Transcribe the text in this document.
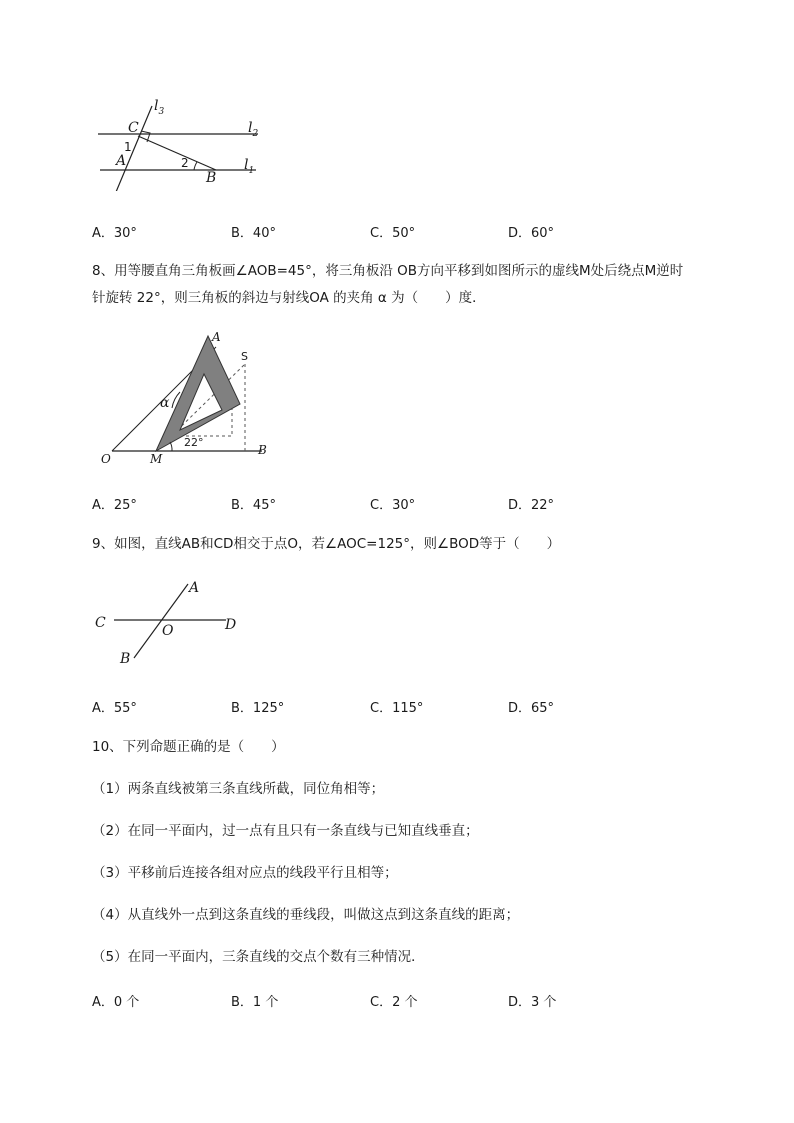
$l_3$
$l_2$
$l_1$
C
1
A	2
B
A．30°	B．40°	C．50°	D．60°
8、用等腰直角三角板画∠AOB=45°，将三角板沿 OB方向平移到如图所示的虚线M处后绕点M逆时
针旋转 22°，则三角板的斜边与射线OA 的夹角 α 为（　　）度．
A
S
α
22°
O	M
B
A．25°	B．45°	C．30°	D．22°
9、如图，直线AB和CD相交于点O，若∠AOC=125°，则∠BOD等于（　　）
A
C	O	D
B
A．55°	B．125°	C．115°	D．65°
10、下列命题正确的是（　　）
（1）两条直线被第三条直线所截，同位角相等；
（2）在同一平面内，过一点有且只有一条直线与已知直线垂直；
（3）平移前后连接各组对应点的线段平行且相等；
（4）从直线外一点到这条直线的垂线段，叫做这点到这条直线的距离；
（5）在同一平面内，三条直线的交点个数有三种情况．
A．0 个	B．1 个	C．2 个	D．3 个
